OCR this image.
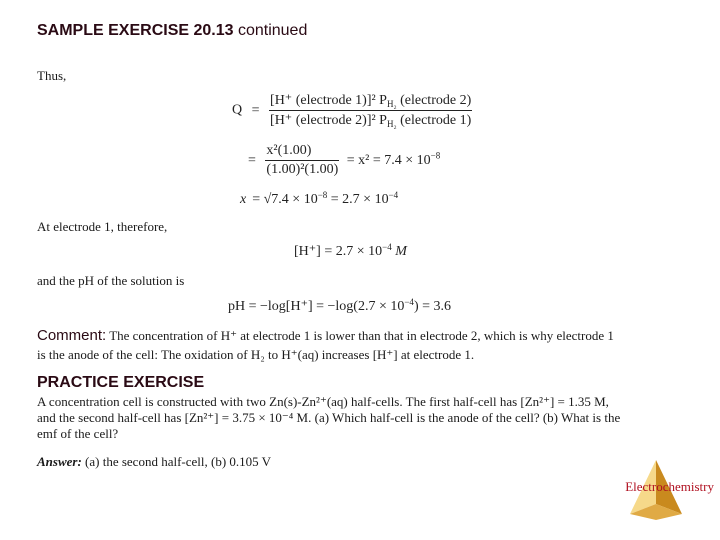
SAMPLE EXERCISE 20.13 continued
Thus,
$Q = \frac{[H^+ (electrode 1)]^2 P_{H_2} (electrode 2)}{[H^+ (electrode 2)]^2 P_{H_2} (electrode 1)}$
= $\frac{\text{x²(1.00)}}{\text{(1.00)²(1.00)}} = x^2 = 7.4 \times 10^{-8}$
$x = √7.4 \times 10^{-8} = 2.7 \times 10^{-4}$
At electrode 1, therefore,
$[H^+] = 2.7 \times 10^{-4}$ M
and the pH of the solution is
pH = $-\log[H^+] = -\log(2.7 \times 10^{-4}) = 3.6$
Comment: The concentration of H⁺ at electrode 1 is lower than that in electrode 2, which is why electrode 1
is the anode of the cell: The oxidation of H₂ to H⁺(aq) increases [H⁺] at electrode 1.
PRACTICE EXERCISE
A concentration cell is constructed with two Zn(s)-Zn²⁺(aq) half-cells. The first half-cell has [Zn²⁺] = 1.35 M,
and the second half-cell has [Zn²⁺] = 3.75 × 10⁻⁴ M. (a) Which half-cell is the anode of the cell? (b) What is the
emf of the cell?
Answer: (a) the second half-cell, (b) 0.105 V
Electrochemistry
